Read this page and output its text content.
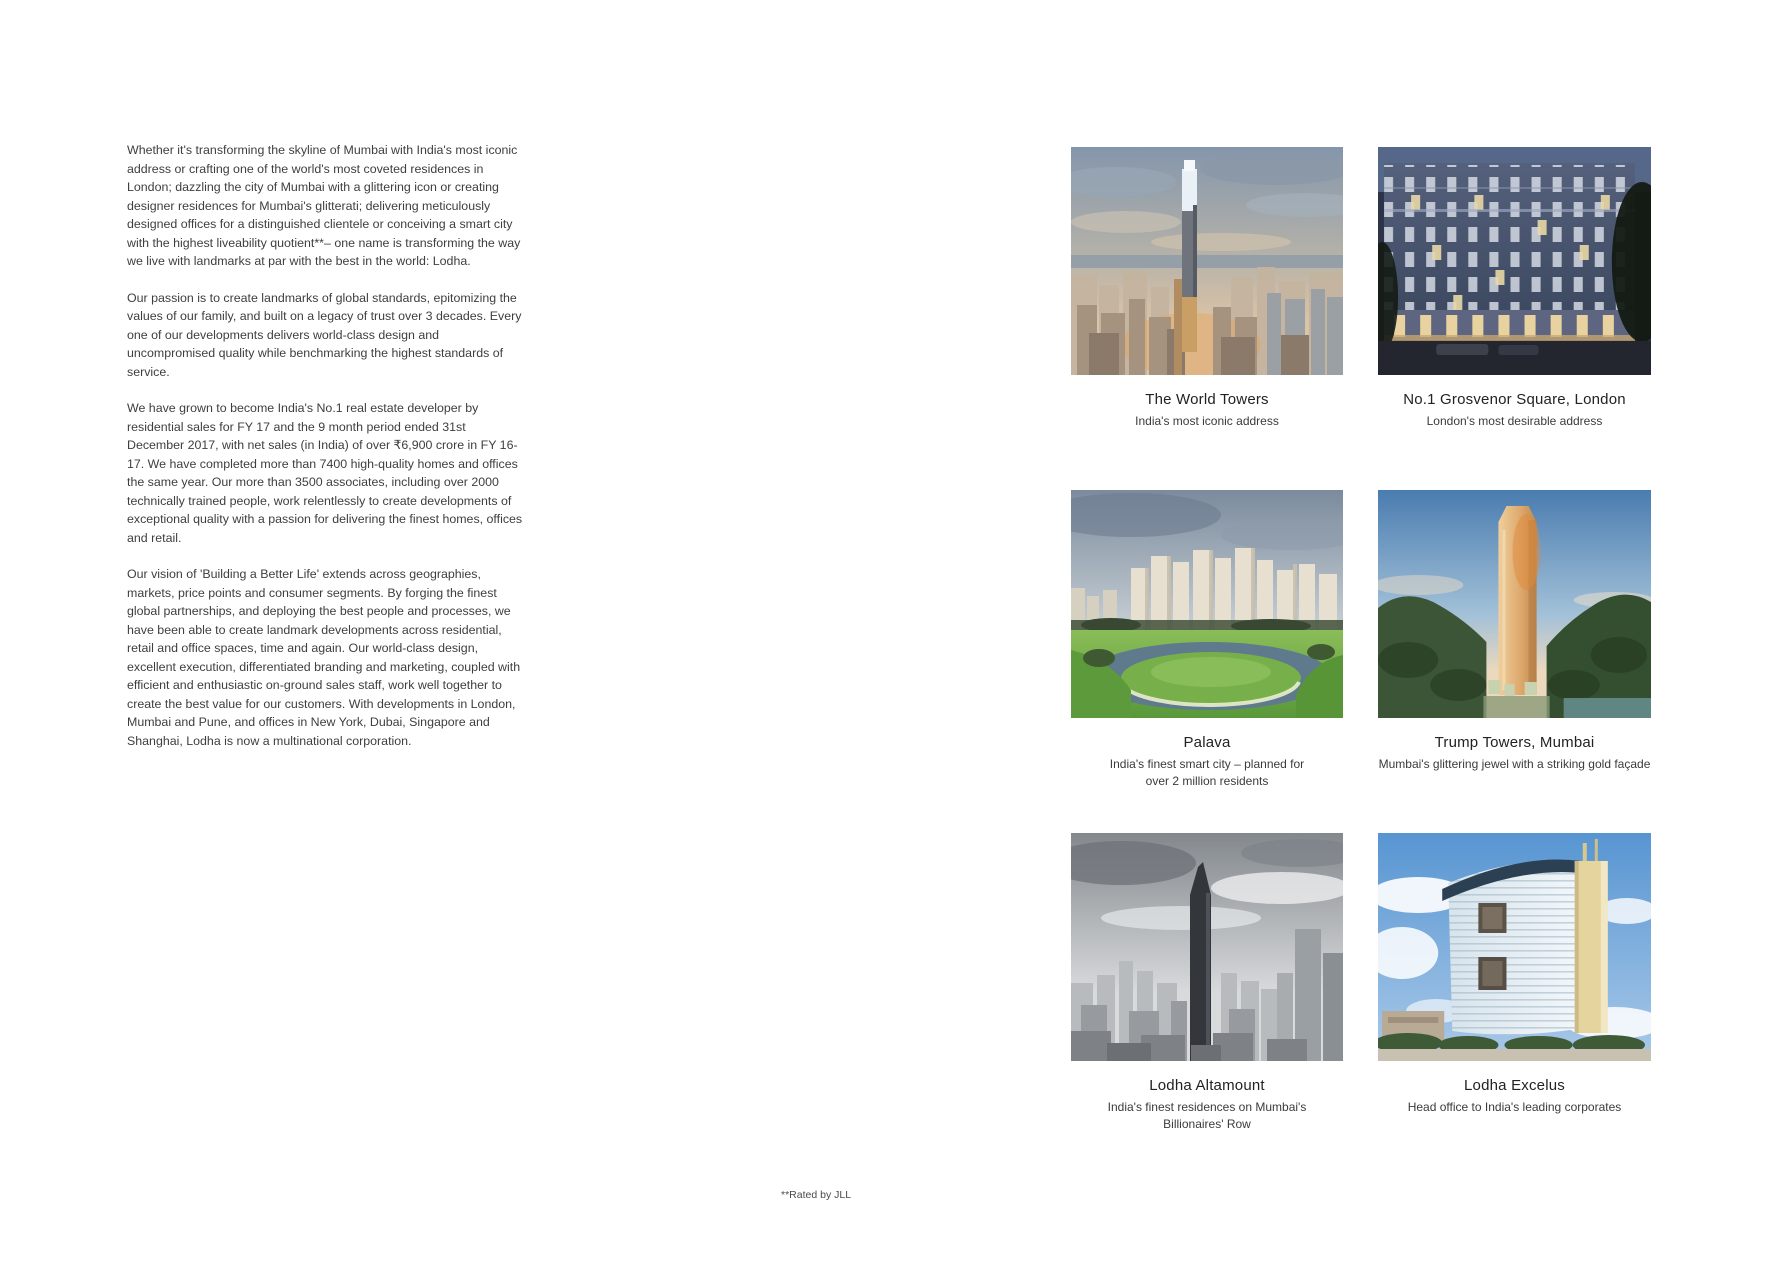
Whether it's transforming the skyline of Mumbai with India's most iconic address or crafting one of the world's most coveted residences in London; dazzling the city of Mumbai with a glittering icon or creating designer residences for Mumbai's glitterati; delivering meticulously designed offices for a distinguished clientele or conceiving a smart city with the highest liveability quotient**– one name is transforming the way we live with landmarks at par with the best in the world: Lodha.

Our passion is to create landmarks of global standards, epitomizing the values of our family, and built on a legacy of trust over 3 decades. Every one of our developments delivers world-class design and uncompromised quality while benchmarking the highest standards of service.

We have grown to become India's No.1 real estate developer by residential sales for FY 17 and the 9 month period ended 31st December 2017, with net sales (in India) of over ₹6,900 crore in FY 16-17. We have completed more than 7400 high-quality homes and offices the same year. Our more than 3500 associates, including over 2000 technically trained people, work relentlessly to create developments of exceptional quality with a passion for delivering the finest homes, offices and retail.

Our vision of 'Building a Better Life' extends across geographies, markets, price points and consumer segments. By forging the finest global partnerships, and deploying the best people and processes, we have been able to create landmark developments across residential, retail and office spaces, time and again. Our world-class design, excellent execution, differentiated branding and marketing, coupled with efficient and enthusiastic on-ground sales staff, work well together to create the best value for our customers. With developments in London, Mumbai and Pune, and offices in New York, Dubai, Singapore and Shanghai, Lodha is now a multinational corporation.

The World Towers
India's most iconic address
No.1 Grosvenor Square, London
London's most desirable address
Palava
India's finest smart city – planned for
over 2 million residents
Trump Towers, Mumbai
Mumbai's glittering jewel with a striking gold façade
Lodha Altamount
India's finest residences on Mumbai's
Billionaires' Row
Lodha Excelus
Head office to India's leading corporates
**Rated by JLL
